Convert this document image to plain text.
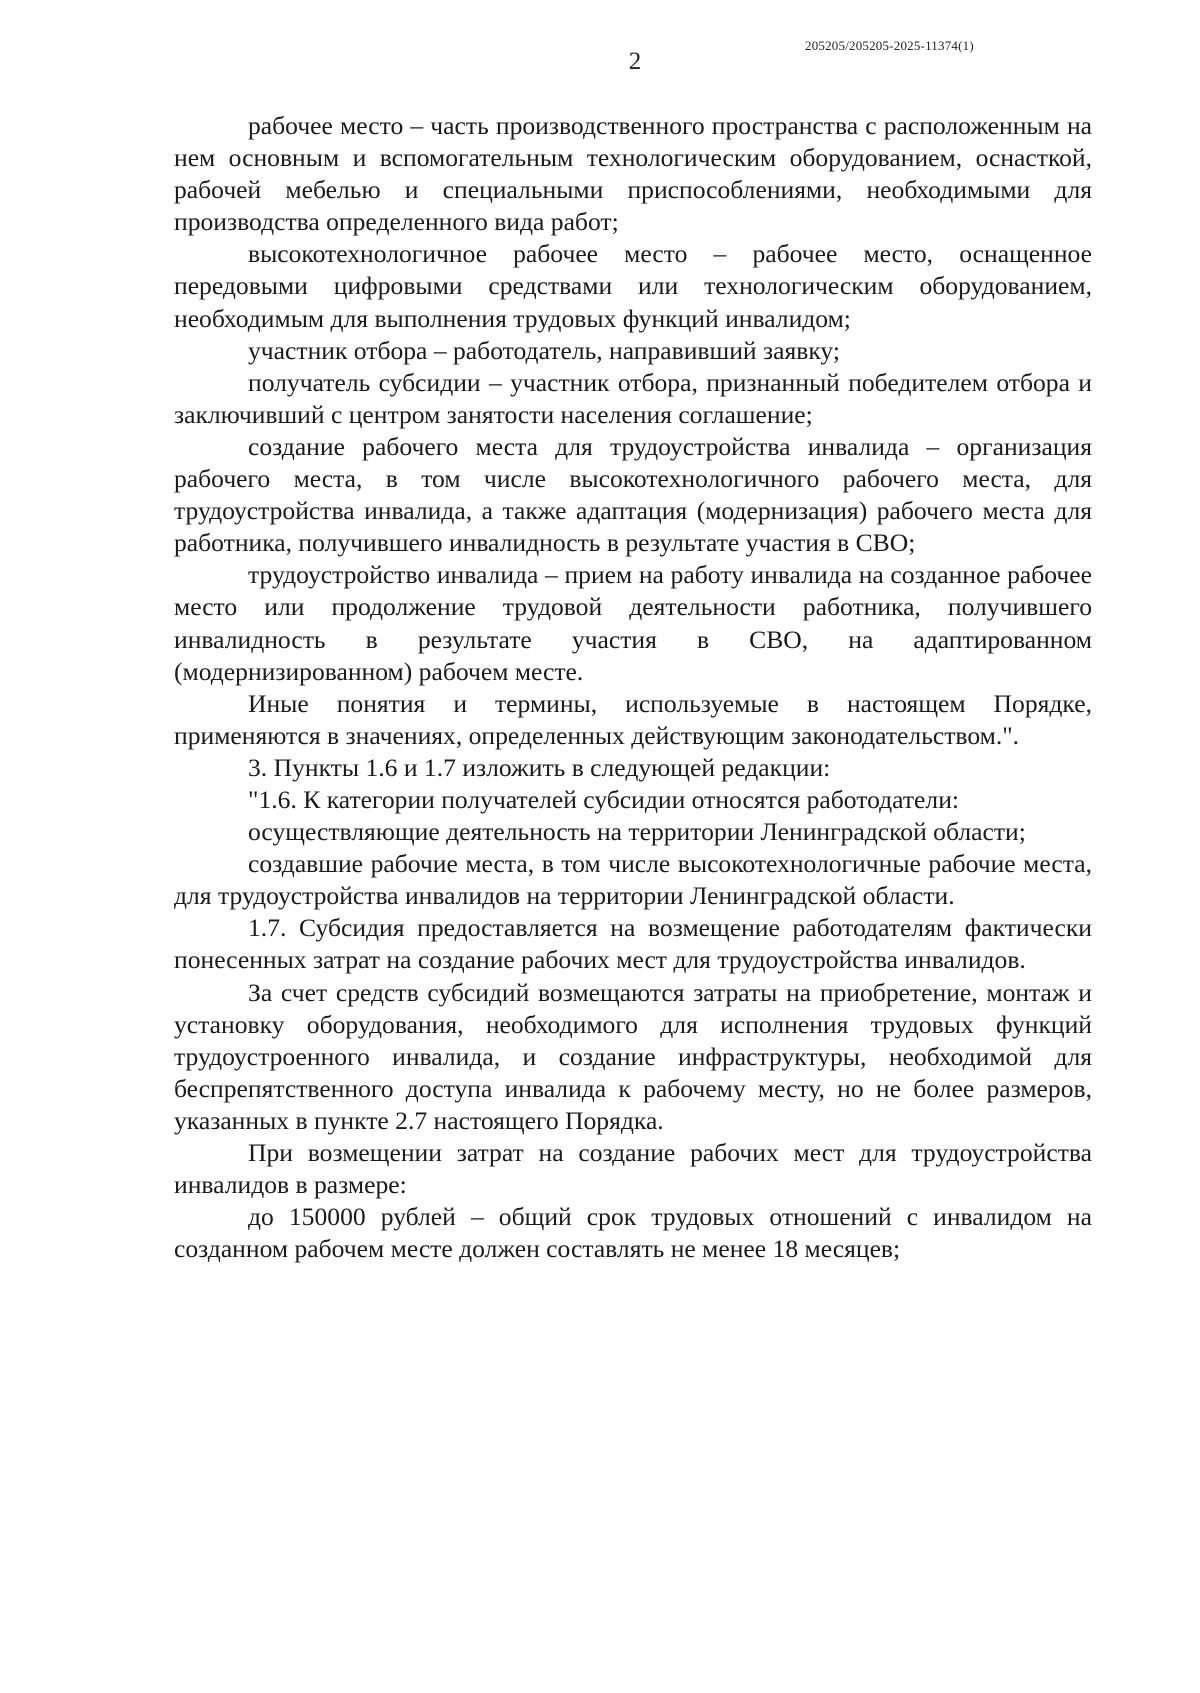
205205/205205-2025-11374(1)
2

рабочее место – часть производственного пространства с расположенным на нем основным и вспомогательным технологическим оборудованием, оснасткой, рабочей мебелью и специальными приспособлениями, необходимыми для производства определенного вида работ;

высокотехнологичное рабочее место – рабочее место, оснащенное передовыми цифровыми средствами или технологическим оборудованием, необходимым для выполнения трудовых функций инвалидом;

участник отбора – работодатель, направивший заявку;

получатель субсидии – участник отбора, признанный победителем отбора и заключивший с центром занятости населения соглашение;

создание рабочего места для трудоустройства инвалида – организация рабочего места, в том числе высокотехнологичного рабочего места, для трудоустройства инвалида, а также адаптация (модернизация) рабочего места для работника, получившего инвалидность в результате участия в СВО;

трудоустройство инвалида – прием на работу инвалида на созданное рабочее место или продолжение трудовой деятельности работника, получившего инвалидность в результате участия в СВО, на адаптированном (модернизированном) рабочем месте.

Иные понятия и термины, используемые в настоящем Порядке, применяются в значениях, определенных действующим законодательством.".

3. Пункты 1.6 и 1.7 изложить в следующей редакции:

"1.6. К категории получателей субсидии относятся работодатели:

осуществляющие деятельность на территории Ленинградской области;

создавшие рабочие места, в том числе высокотехнологичные рабочие места, для трудоустройства инвалидов на территории Ленинградской области.

1.7. Субсидия предоставляется на возмещение работодателям фактически понесенных затрат на создание рабочих мест для трудоустройства инвалидов.

За счет средств субсидий возмещаются затраты на приобретение, монтаж и установку оборудования, необходимого для исполнения трудовых функций трудоустроенного инвалида, и создание инфраструктуры, необходимой для беспрепятственного доступа инвалида к рабочему месту, но не более размеров, указанных в пункте 2.7 настоящего Порядка.

При возмещении затрат на создание рабочих мест для трудоустройства инвалидов в размере:

до 150000 рублей – общий срок трудовых отношений с инвалидом на созданном рабочем месте должен составлять не менее 18 месяцев;
